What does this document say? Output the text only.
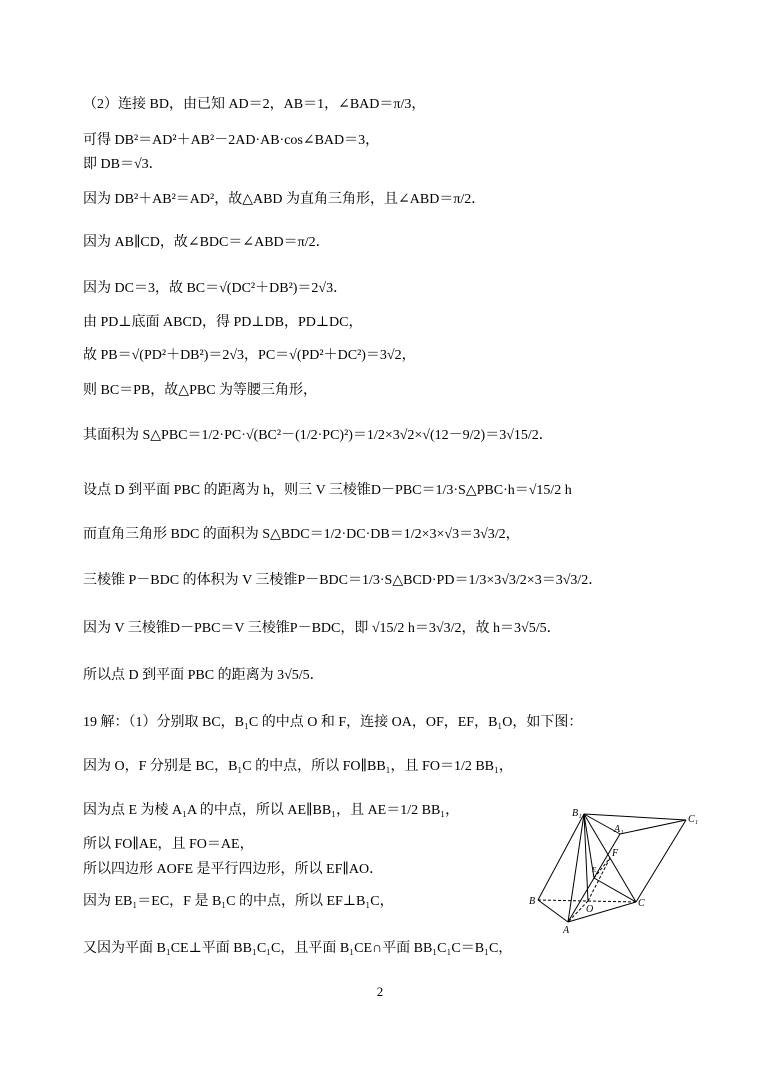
（2）连接 BD，由已知 AD＝2，AB＝1，∠BAD＝π/3，
可得 DB²＝AD²＋AB²－2AD·AB·cos∠BAD＝3，
即 DB＝√3．
因为 DB²＋AB²＝AD²，故△ABD 为直角三角形，且∠ABD＝π/2．
因为 AB∥CD，故∠BDC＝∠ABD＝π/2．
因为 DC＝3，故 BC＝√(DC²＋DB²)＝2√3．
由 PD⊥底面 ABCD，得 PD⊥DB，PD⊥DC，
故 PB＝√(PD²＋DB²)＝2√3，PC＝√(PD²＋DC²)＝3√2，
则 BC＝PB，故△PBC 为等腰三角形，
其面积为 S△PBC＝1/2·PC·√(BC²－(1/2·PC)²)＝1/2×3√2×√(12－9/2)＝3√15/2．
设点 D 到平面 PBC 的距离为 h，则三 V 三棱锥D－PBC＝1/3·S△PBC·h＝√15/2 h
而直角三角形 BDC 的面积为 S△BDC＝1/2·DC·DB＝1/2×3×√3＝3√3/2，
三棱锥 P－BDC 的体积为 V 三棱锥P－BDC＝1/3·S△BCD·PD＝1/3×3√3/2×3＝3√3/2．
因为 V 三棱锥D－PBC＝V 三棱锥P－BDC，即 √15/2 h＝3√3/2，故 h＝3√5/5．
所以点 D 到平面 PBC 的距离为 3√5/5．
19 解：（1）分别取 BC，B₁C 的中点 O 和 F，连接 OA，OF，EF，B₁O，如下图：
因为 O，F 分别是 BC，B₁C 的中点，所以 FO∥BB₁，且 FO＝1/2 BB₁，
因为点 E 为棱 A₁A 的中点，所以 AE∥BB₁，且 AE＝1/2 BB₁，
所以 FO∥AE，且 FO＝AE，
所以四边形 AOFE 是平行四边形，所以 EF∥AO．
因为 EB₁＝EC，F 是 B₁C 的中点，所以 EF⊥B₁C，
又因为平面 B₁CE⊥平面 BB₁C₁C，且平面 B₁CE∩平面 BB₁C₁C＝B₁C，
B₁
C₁
A₁
F
E
B
O
C
A
2
